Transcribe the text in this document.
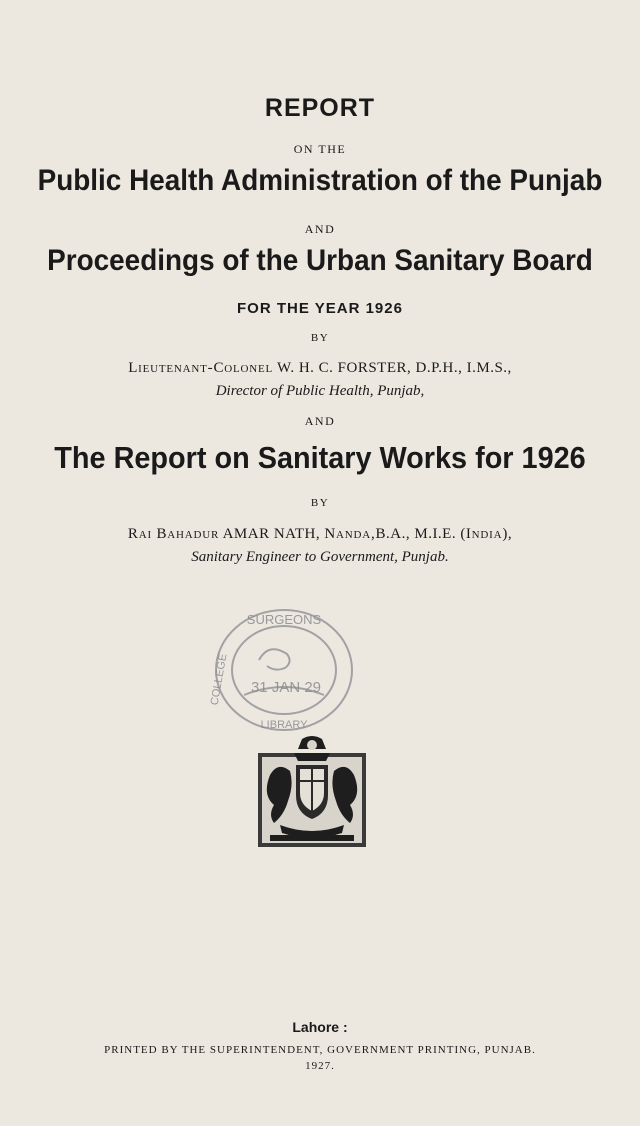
REPORT
ON THE
Public Health Administration of the Punjab
AND
Proceedings of the Urban Sanitary Board
FOR THE YEAR 1926
BY
Lieutenant-Colonel W. H. C. FORSTER, D.P.H., I.M.S.,
Director of Public Health, Punjab,
AND
The Report on Sanitary Works for 1926
BY
Rai Bahadur AMAR NATH, Nanda,B.A., M.I.E. (India),
Sanitary Engineer to Government, Punjab.
SURGEONS
COLLEGE 31 JAN 29
LIBRARY
Lahore :
PRINTED BY THE SUPERINTENDENT, GOVERNMENT PRINTING, PUNJAB.
1927.
